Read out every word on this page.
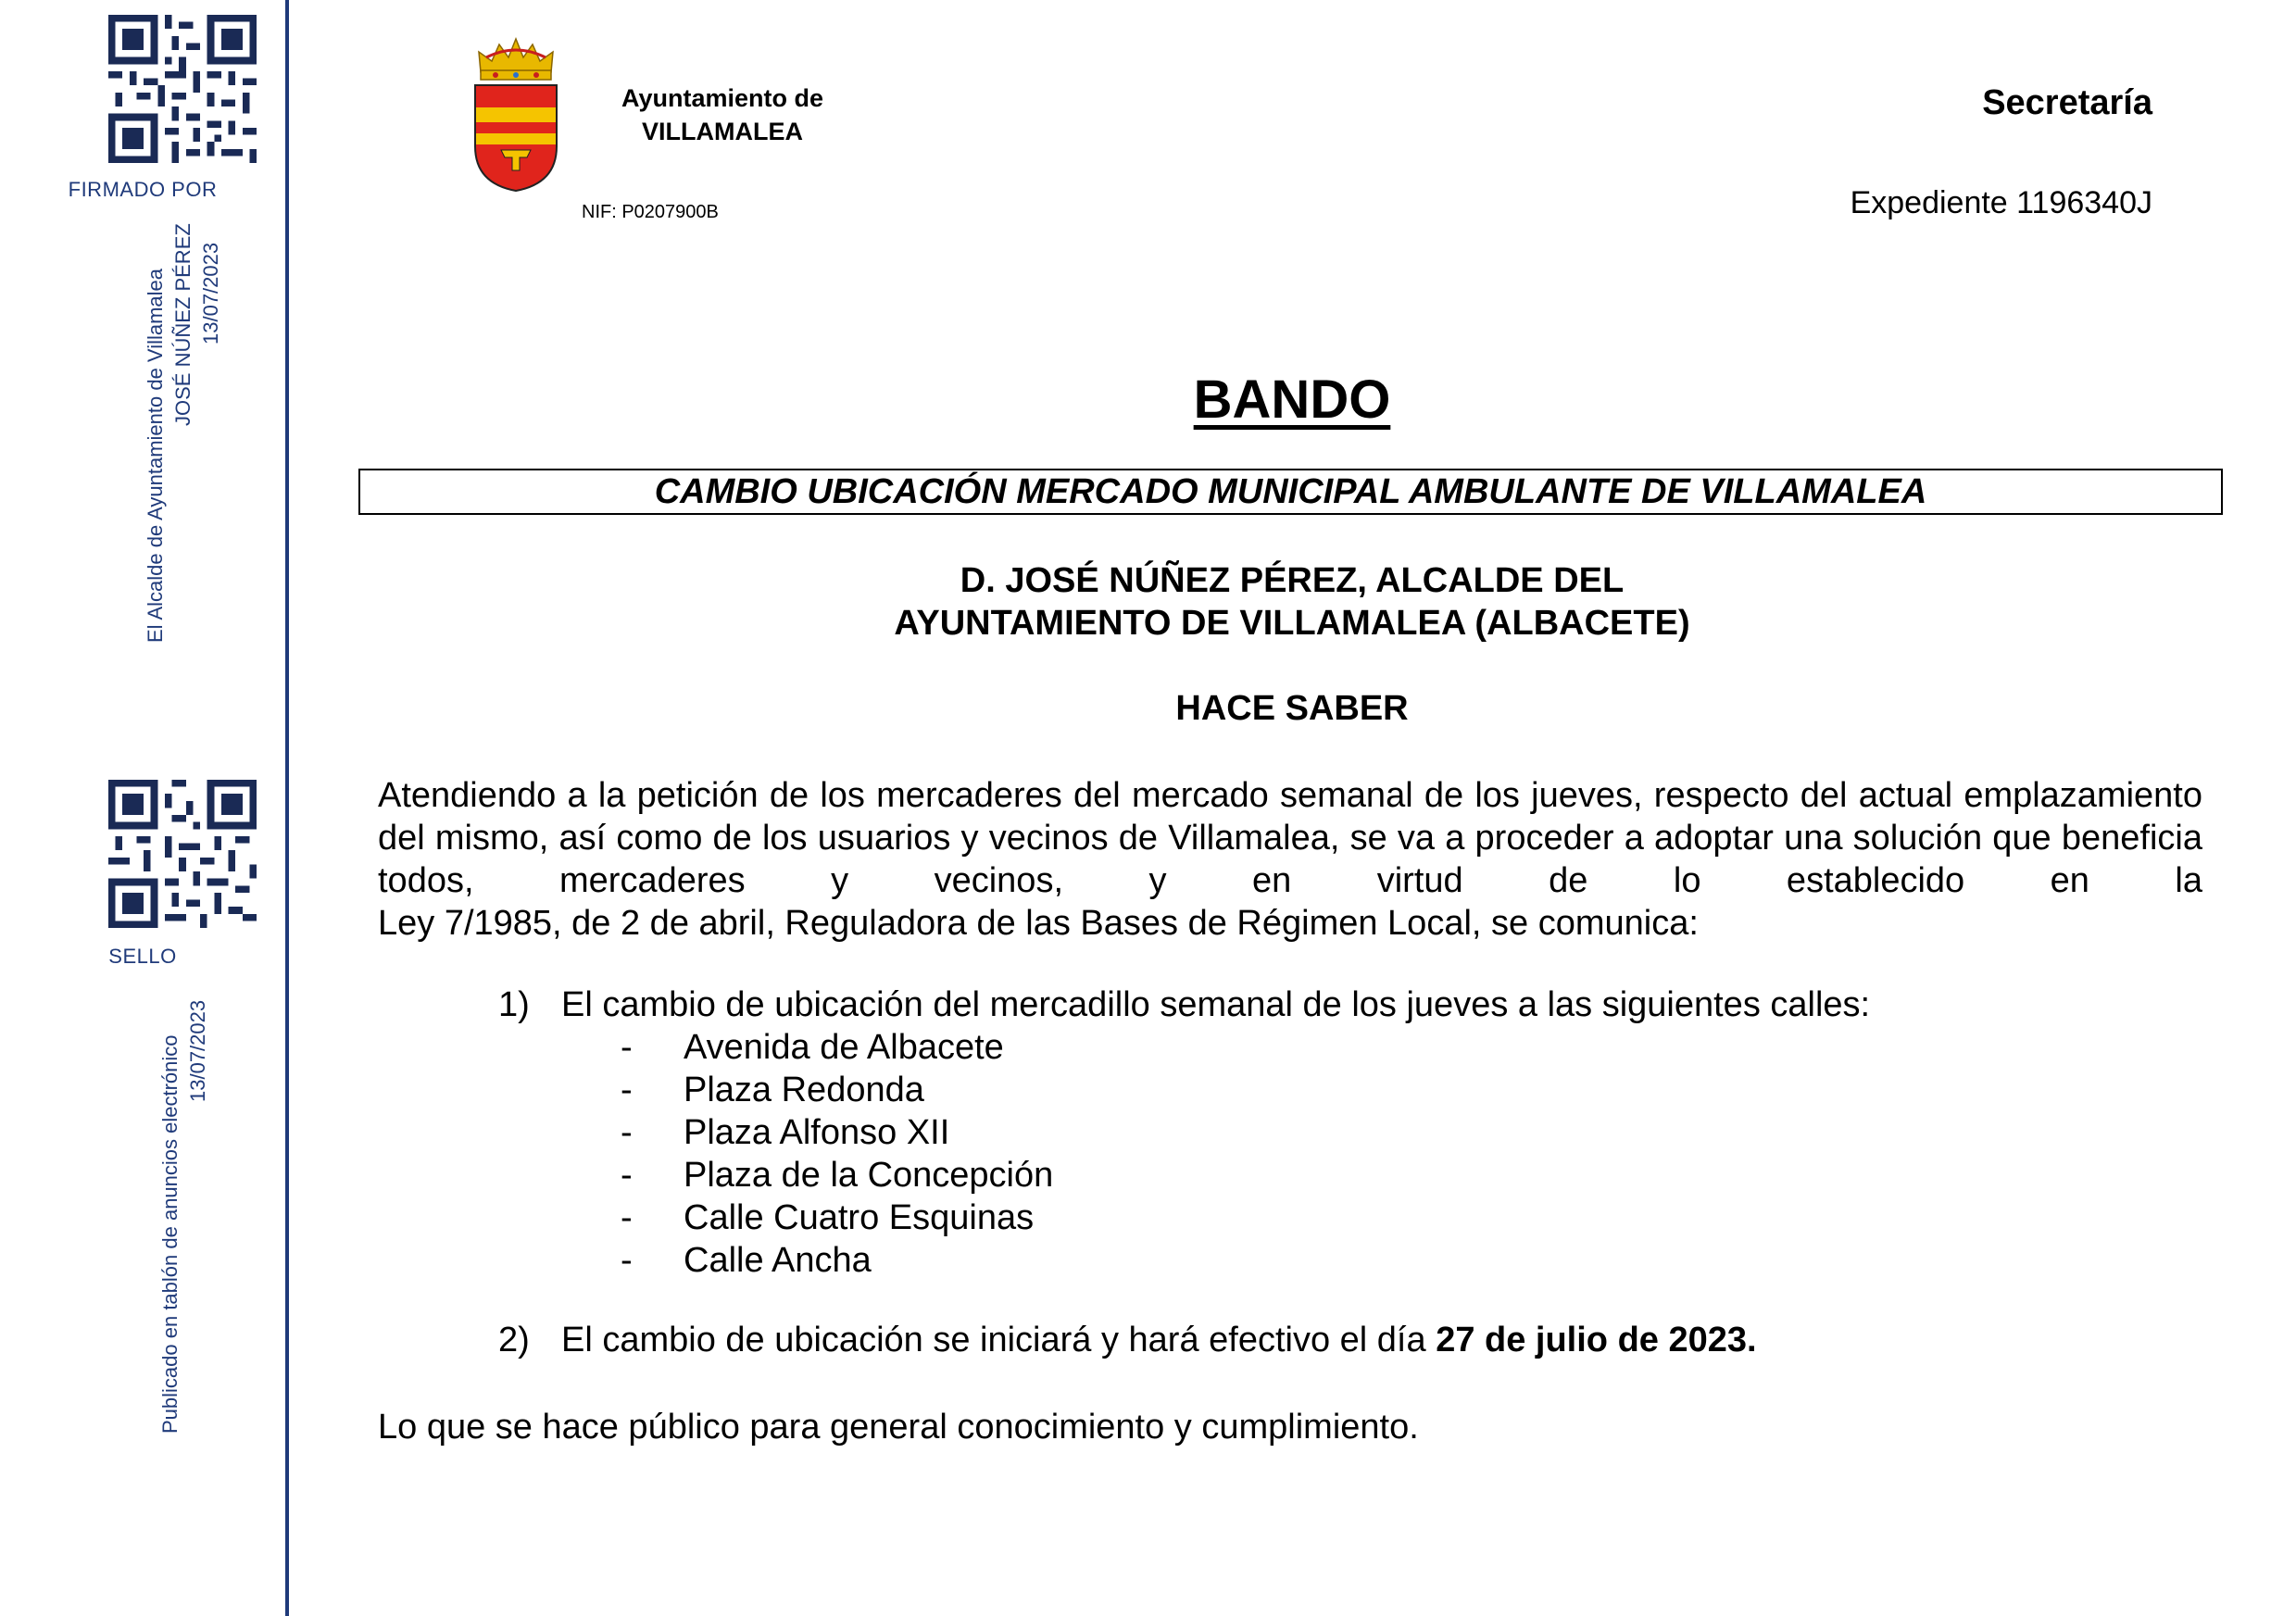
FIRMADO POR
El Alcalde de Ayuntamiento de Villamalea JOSÉ NÚÑEZ PÉREZ 13/07/2023
SELLO
Publicado en tablón de anuncios electrónico 13/07/2023
Ayuntamiento de
VILLAMALEA
NIF: P0207900B
Secretaría
Expediente 1196340J
BANDO
CAMBIO UBICACIÓN MERCADO MUNICIPAL AMBULANTE DE VILLAMALEA
D. JOSÉ NÚÑEZ PÉREZ, ALCALDE DEL
AYUNTAMIENTO DE VILLAMALEA (ALBACETE)
HACE SABER
Atendiendo a la petición de los mercaderes del mercado semanal de los jueves, respecto del actual emplazamiento del mismo, así como de los usuarios y vecinos de Villamalea, se va a proceder a adoptar una solución que beneficia todos, mercaderes y vecinos, y en virtud de lo establecido en la
Ley 7/1985, de 2 de abril, Reguladora de las Bases de Régimen Local, se comunica:
1) El cambio de ubicación del mercadillo semanal de los jueves a las siguientes calles:
- Avenida de Albacete
- Plaza Redonda
- Plaza Alfonso XII
- Plaza de la Concepción
- Calle Cuatro Esquinas
- Calle Ancha
2) El cambio de ubicación se iniciará y hará efectivo el día 27 de julio de 2023.
Lo que se hace público para general conocimiento y cumplimiento.
